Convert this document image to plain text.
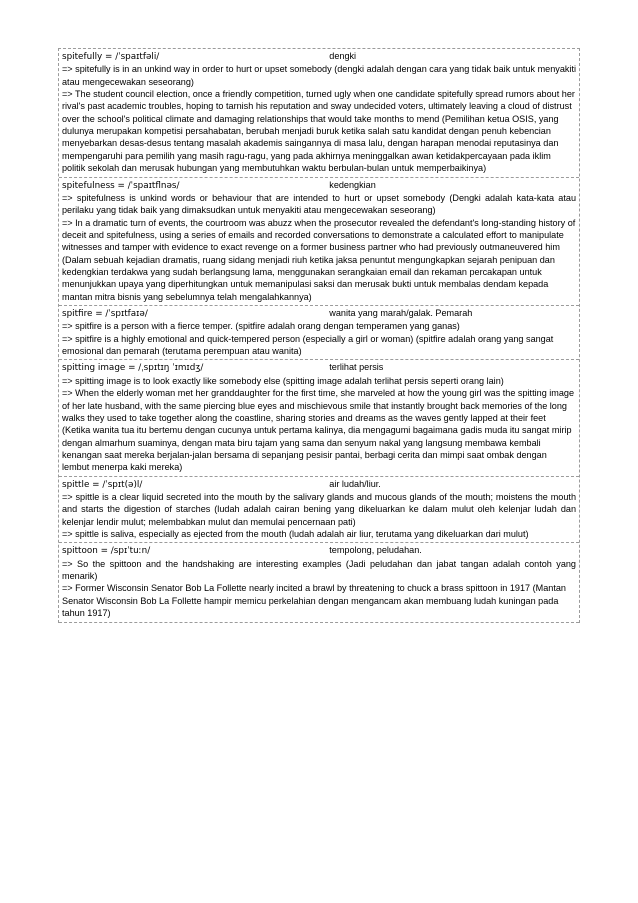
spitefully = /ˈspaɪtfəli/	dengki

=> spitefully is in an unkind way in order to hurt or upset somebody (dengki adalah dengan cara yang tidak baik untuk menyakiti atau mengecewakan seseorang)

=> The student council election, once a friendly competition, turned ugly when one candidate spitefully spread rumors about her rival's past academic troubles, hoping to tarnish his reputation and sway undecided voters, ultimately leaving a cloud of distrust over the school's political climate and damaging relationships that would take months to mend (Pemilihan ketua OSIS, yang dulunya merupakan kompetisi persahabatan, berubah menjadi buruk ketika salah satu kandidat dengan penuh kebencian menyebarkan desas-desus tentang masalah akademis saingannya di masa lalu, dengan harapan menodai reputasinya dan mempengaruhi para pemilih yang masih ragu-ragu, yang pada akhirnya meninggalkan awan ketidakpercayaan pada iklim politik sekolah dan merusak hubungan yang membutuhkan waktu berbulan-bulan untuk memperbaikinya)

spitefulness = /ˈspaɪtflnəs/	kedengkian

=> spitefulness is unkind words or behaviour that are intended to hurt or upset somebody (Dengki adalah kata-kata atau perilaku yang tidak baik yang dimaksudkan untuk menyakiti atau mengecewakan seseorang)

=> In a dramatic turn of events, the courtroom was abuzz when the prosecutor revealed the defendant's long-standing history of deceit and spitefulness, using a series of emails and recorded conversations to demonstrate a calculated effort to manipulate witnesses and tamper with evidence to exact revenge on a former business partner who had previously outmaneuvered him (Dalam sebuah kejadian dramatis, ruang sidang menjadi riuh ketika jaksa penuntut mengungkapkan sejarah penipuan dan kedengkian terdakwa yang sudah berlangsung lama, menggunakan serangkaian email dan rekaman percakapan untuk menunjukkan upaya yang diperhitungkan untuk memanipulasi saksi dan merusak bukti untuk membalas dendam kepada mantan mitra bisnis yang sebelumnya telah mengalahkannya)

spitfire = /ˈspɪtfaɪə/	wanita yang marah/galak. Pemarah

=> spitfire is a person with a fierce temper. (spitfire adalah orang dengan temperamen yang ganas)

=> spitfire is a highly emotional and quick-tempered person (especially a girl or woman) (spitfire adalah orang yang sangat emosional dan pemarah (terutama perempuan atau wanita)

spitting image = /ˌspɪtɪŋ ˈɪmɪdʒ/	terlihat persis

=> spitting image is to look exactly like somebody else (spitting image adalah terlihat persis seperti orang lain)

=> When the elderly woman met her granddaughter for the first time, she marveled at how the young girl was the spitting image of her late husband, with the same piercing blue eyes and mischievous smile that instantly brought back memories of the long walks they used to take together along the coastline, sharing stories and dreams as the waves gently lapped at their feet (Ketika wanita tua itu bertemu dengan cucunya untuk pertama kalinya, dia mengagumi bagaimana gadis muda itu sangat mirip dengan almarhum suaminya, dengan mata biru tajam yang sama dan senyum nakal yang langsung membawa kembali kenangan saat mereka berjalan-jalan bersama di sepanjang pesisir pantai, berbagi cerita dan mimpi saat ombak dengan lembut menerpa kaki mereka)

spittle = /ˈspɪt(ə)l/	air ludah/liur.

=> spittle is a clear liquid secreted into the mouth by the salivary glands and mucous glands of the mouth; moistens the mouth and starts the digestion of starches (ludah adalah cairan bening yang dikeluarkan ke dalam mulut oleh kelenjar ludah dan kelenjar lendir mulut; melembabkan mulut dan memulai pencernaan pati)

=> spittle is saliva, especially as ejected from the mouth (ludah adalah air liur, terutama yang dikeluarkan dari mulut)

spittoon = /spɪˈtuːn/	tempolong, peludahan.

=> So the spittoon and the handshaking are interesting examples (Jadi peludahan dan jabat tangan adalah contoh yang menarik)

=> Former Wisconsin Senator Bob La Follette nearly incited a brawl by threatening to chuck a brass spittoon in 1917 (Mantan Senator Wisconsin Bob La Follette hampir memicu perkelahian dengan mengancam akan membuang ludah kuningan pada tahun 1917)
